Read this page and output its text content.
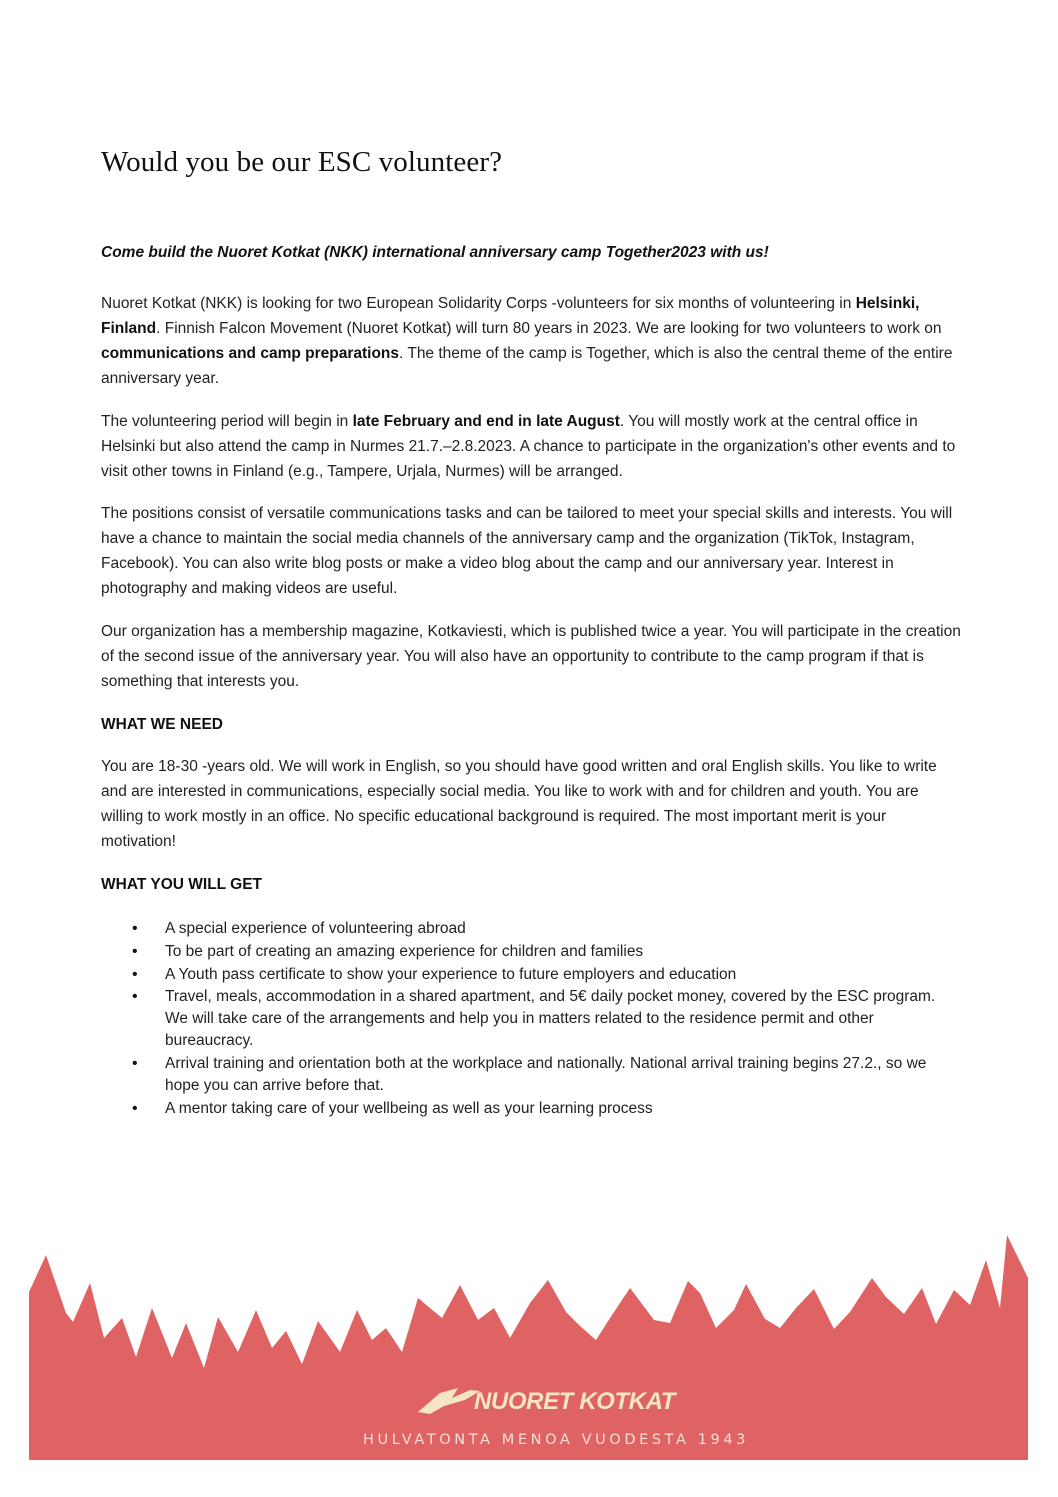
Would you be our ESC volunteer?

Come build the Nuoret Kotkat (NKK) international anniversary camp Together2023 with us!

Nuoret Kotkat (NKK) is looking for two European Solidarity Corps -volunteers for six months of volunteering in Helsinki, Finland. Finnish Falcon Movement (Nuoret Kotkat) will turn 80 years in 2023. We are looking for two volunteers to work on communications and camp preparations. The theme of the camp is Together, which is also the central theme of the entire anniversary year.

The volunteering period will begin in late February and end in late August. You will mostly work at the central office in Helsinki but also attend the camp in Nurmes 21.7.–2.8.2023. A chance to participate in the organization's other events and to visit other towns in Finland (e.g., Tampere, Urjala, Nurmes) will be arranged.

The positions consist of versatile communications tasks and can be tailored to meet your special skills and interests. You will have a chance to maintain the social media channels of the anniversary camp and the organization (TikTok, Instagram, Facebook). You can also write blog posts or make a video blog about the camp and our anniversary year. Interest in photography and making videos are useful.

Our organization has a membership magazine, Kotkaviesti, which is published twice a year. You will participate in the creation of the second issue of the anniversary year. You will also have an opportunity to contribute to the camp program if that is something that interests you.

WHAT WE NEED

You are 18-30 -years old. We will work in English, so you should have good written and oral English skills. You like to write and are interested in communications, especially social media. You like to work with and for children and youth. You are willing to work mostly in an office. No specific educational background is required. The most important merit is your motivation!

WHAT YOU WILL GET
• A special experience of volunteering abroad
• To be part of creating an amazing experience for children and families
• A Youth pass certificate to show your experience to future employers and education
• Travel, meals, accommodation in a shared apartment, and 5€ daily pocket money, covered by the ESC program. We will take care of the arrangements and help you in matters related to the residence permit and other bureaucracy.
• Arrival training and orientation both at the workplace and nationally. National arrival training begins 27.2., so we hope you can arrive before that.
• A mentor taking care of your wellbeing as well as your learning process
NUORET KOTKAT
HULVATONTA MENOA VUODESTA 1943
